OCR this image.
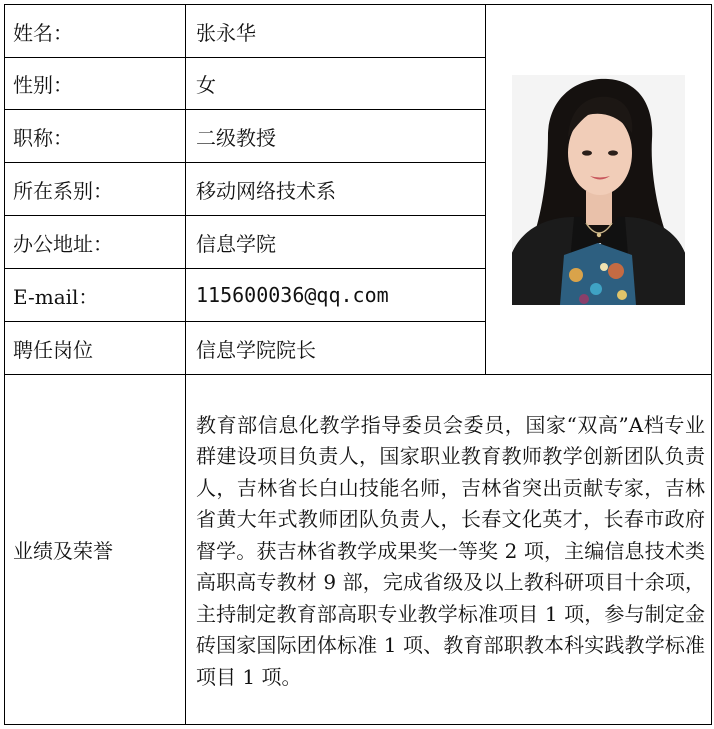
姓名：	张永华	

性别：	女	
职称：	二级教授	
所在系别：	移动网络技术系	
办公地址：	信息学院	
E-mail：	115600036@qq.com	
聘任岗位	信息学院院长	
业绩及荣誉	教育部信息化教学指导委员会委员，国家“双高”A档专业群建设项目负责人，国家职业教育教师教学创新团队负责人，吉林省长白山技能名师，吉林省突出贡献专家，吉林省黄大年式教师团队负责人，长春文化英才，长春市政府督学。获吉林省教学成果奖一等奖 2 项，主编信息技术类高职高专教材 9 部，完成省级及以上教科研项目十余项，主持制定教育部高职专业教学标准项目 1 项，参与制定金砖国家国际团体标准 1 项、教育部职教本科实践教学标准项目 1 项。	
